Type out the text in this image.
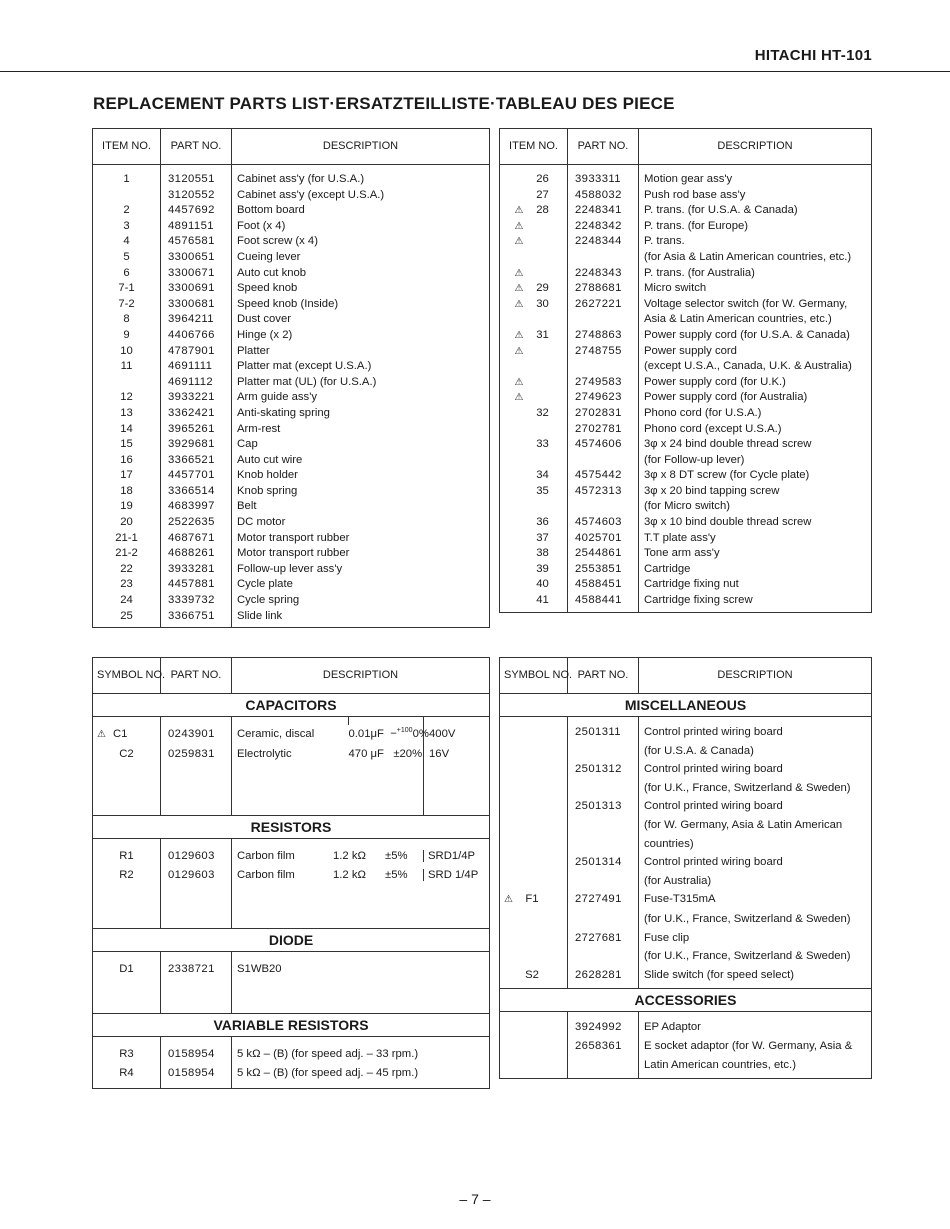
HITACHI HT-101
REPLACEMENT PARTS LIST·ERSATZTEILLISTE·TABLEAU DES PIECE
ITEM NO.	PART NO.	DESCRIPTION
1	3120551	Cabinet ass'y (for U.S.A.)
	3120552	Cabinet ass'y (except U.S.A.)
2	4457692	Bottom board
3	4891151	Foot (x 4)
4	4576581	Foot screw (x 4)
5	3300651	Cueing lever
6	3300671	Auto cut knob
7-1	3300691	Speed knob
7-2	3300681	Speed knob (Inside)
8	3964211	Dust cover
9	4406766	Hinge (x 2)
10	4787901	Platter
11	4691111	Platter mat (except U.S.A.)
	4691112	Platter mat (UL) (for U.S.A.)
12	3933221	Arm guide ass'y
13	3362421	Anti-skating spring
14	3965261	Arm-rest
15	3929681	Cap
16	3366521	Auto cut wire
17	4457701	Knob holder
18	3366514	Knob spring
19	4683997	Belt
20	2522635	DC motor
21-1	4687671	Motor transport rubber
21-2	4688261	Motor transport rubber
22	3933281	Follow-up lever ass'y
23	4457881	Cycle plate
24	3339732	Cycle spring
25	3366751	Slide link
ITEM NO.	PART NO.	DESCRIPTION
26	3933311	Motion gear ass'y
27	4588032	Push rod base ass'y
⚠ 28	2248341	P. trans. (for U.S.A. & Canada)
⚠	2248342	P. trans. (for Europe)
⚠	2248344	P. trans.
		(for Asia & Latin American countries, etc.)
⚠	2248343	P. trans. (for Australia)
⚠ 29	2788681	Micro switch
⚠ 30	2627221	Voltage selector switch (for W. Germany,
		Asia & Latin American countries, etc.)
⚠ 31	2748863	Power supply cord (for U.S.A. & Canada)
⚠	2748755	Power supply cord
		(except U.S.A., Canada, U.K. & Australia)
⚠	2749583	Power supply cord (for U.K.)
⚠	2749623	Power supply cord (for Australia)
32	2702831	Phono cord (for U.S.A.)
	2702781	Phono cord (except U.S.A.)
33	4574606	3φ x 24 bind double thread screw
		(for Follow-up lever)
34	4575442	3φ x 8 DT screw (for Cycle plate)
35	4572313	3φ x 20 bind tapping screw
		(for Micro switch)
36	4574603	3φ x 10 bind double thread screw
37	4025701	T.T plate ass'y
38	2544861	Tone arm ass'y
39	2553851	Cartridge
40	4588451	Cartridge fixing nut
41	4588441	Cartridge fixing screw
SYMBOL NO.	PART NO.	DESCRIPTION		
CAPACITORS				

⚠ C1	0243901	Ceramic, discal	0.01μF −$^{+100}$0%	400V
C2	0259831	Electrolytic	470 μF ±20%	16V

RESISTORS				

R1	0129603	Carbon film 1.2 kΩ ±5% SRD1/4P		
R2	0129603	Carbon film 1.2 kΩ ±5% SRD 1/4P		

DIODE				

D1	2338721	S1WB20		

VARIABLE RESISTORS				

R3	0158954	5 kΩ – (B) (for speed adj. – 33 rpm.)		
R4	0158954	5 kΩ – (B) (for speed adj. – 45 rpm.)		

SYMBOL NO.	PART NO.	DESCRIPTION
MISCELLANEOUS		

	2501311	Control printed wiring board
		(for U.S.A. & Canada)
	2501312	Control printed wiring board
		(for U.K., France, Switzerland & Sweden)
	2501313	Control printed wiring board
		(for W. Germany, Asia & Latin American
		countries)
	2501314	Control printed wiring board
		(for Australia)
⚠ F1	2727491	Fuse-T315mA
		(for U.K., France, Switzerland & Sweden)
	2727681	Fuse clip
		(for U.K., France, Switzerland & Sweden)
S2	2628281	Slide switch (for speed select)

ACCESSORIES		

	3924992	EP Adaptor
	2658361	E socket adaptor (for W. Germany, Asia &
		Latin American countries, etc.)

– 7 –
